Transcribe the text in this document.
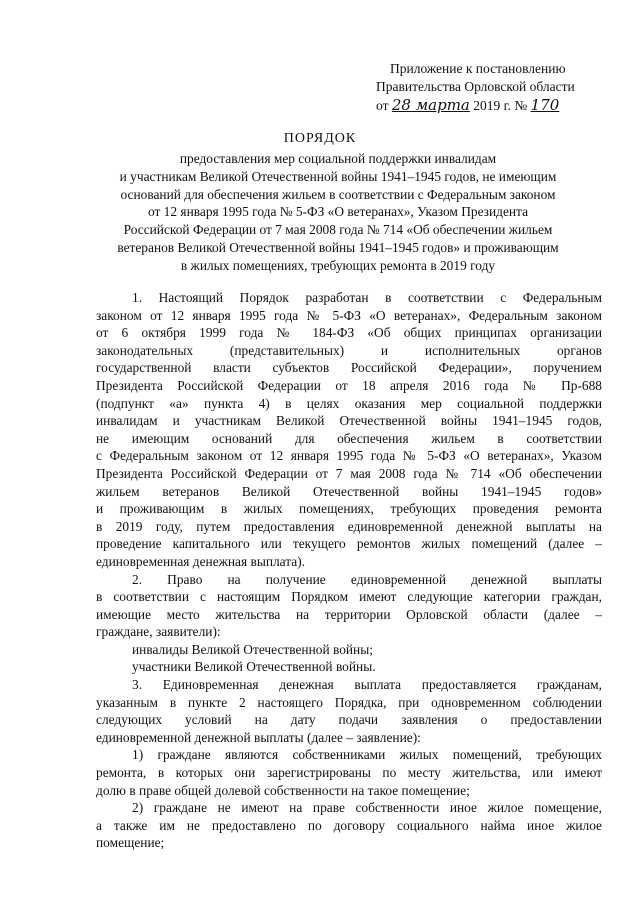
Приложение к постановлению
Правительства Орловской области
от 28 марта 2019 г. № 170
ПОРЯДОК
предоставления мер социальной поддержки инвалидам
и участникам Великой Отечественной войны 1941–1945 годов, не имеющим
оснований для обеспечения жильем в соответствии с Федеральным законом
от 12 января 1995 года № 5-ФЗ «О ветеранах», Указом Президента
Российской Федерации от 7 мая 2008 года № 714 «Об обеспечении жильем
ветеранов Великой Отечественной войны 1941–1945 годов» и проживающим
в жилых помещениях, требующих ремонта в 2019 году
1. Настоящий Порядок разработан в соответствии с Федеральным
законом от 12 января 1995 года № 5-ФЗ «О ветеранах», Федеральным законом
от 6 октября 1999 года № 184-ФЗ «Об общих принципах организации
законодательных (представительных) и исполнительных органов
государственной власти субъектов Российской Федерации», поручением
Президента Российской Федерации от 18 апреля 2016 года № Пр-688
(подпункт «а» пункта 4) в целях оказания мер социальной поддержки
инвалидам и участникам Великой Отечественной войны 1941–1945 годов,
не имеющим оснований для обеспечения жильем в соответствии
с Федеральным законом от 12 января 1995 года № 5-ФЗ «О ветеранах», Указом
Президента Российской Федерации от 7 мая 2008 года № 714 «Об обеспечении
жильем ветеранов Великой Отечественной войны 1941–1945 годов»
и проживающим в жилых помещениях, требующих проведения ремонта
в 2019 году, путем предоставления единовременной денежной выплаты на
проведение капитального или текущего ремонтов жилых помещений (далее –
единовременная денежная выплата).
2. Право на получение единовременной денежной выплаты
в соответствии с настоящим Порядком имеют следующие категории граждан,
имеющие место жительства на территории Орловской области (далее –
граждане, заявители):
инвалиды Великой Отечественной войны;
участники Великой Отечественной войны.
3. Единовременная денежная выплата предоставляется гражданам,
указанным в пункте 2 настоящего Порядка, при одновременном соблюдении
следующих условий на дату подачи заявления о предоставлении
единовременной денежной выплаты (далее – заявление):
1) граждане являются собственниками жилых помещений, требующих
ремонта, в которых они зарегистрированы по месту жительства, или имеют
долю в праве общей долевой собственности на такое помещение;
2) граждане не имеют на праве собственности иное жилое помещение,
а также им не предоставлено по договору социального найма иное жилое
помещение;
